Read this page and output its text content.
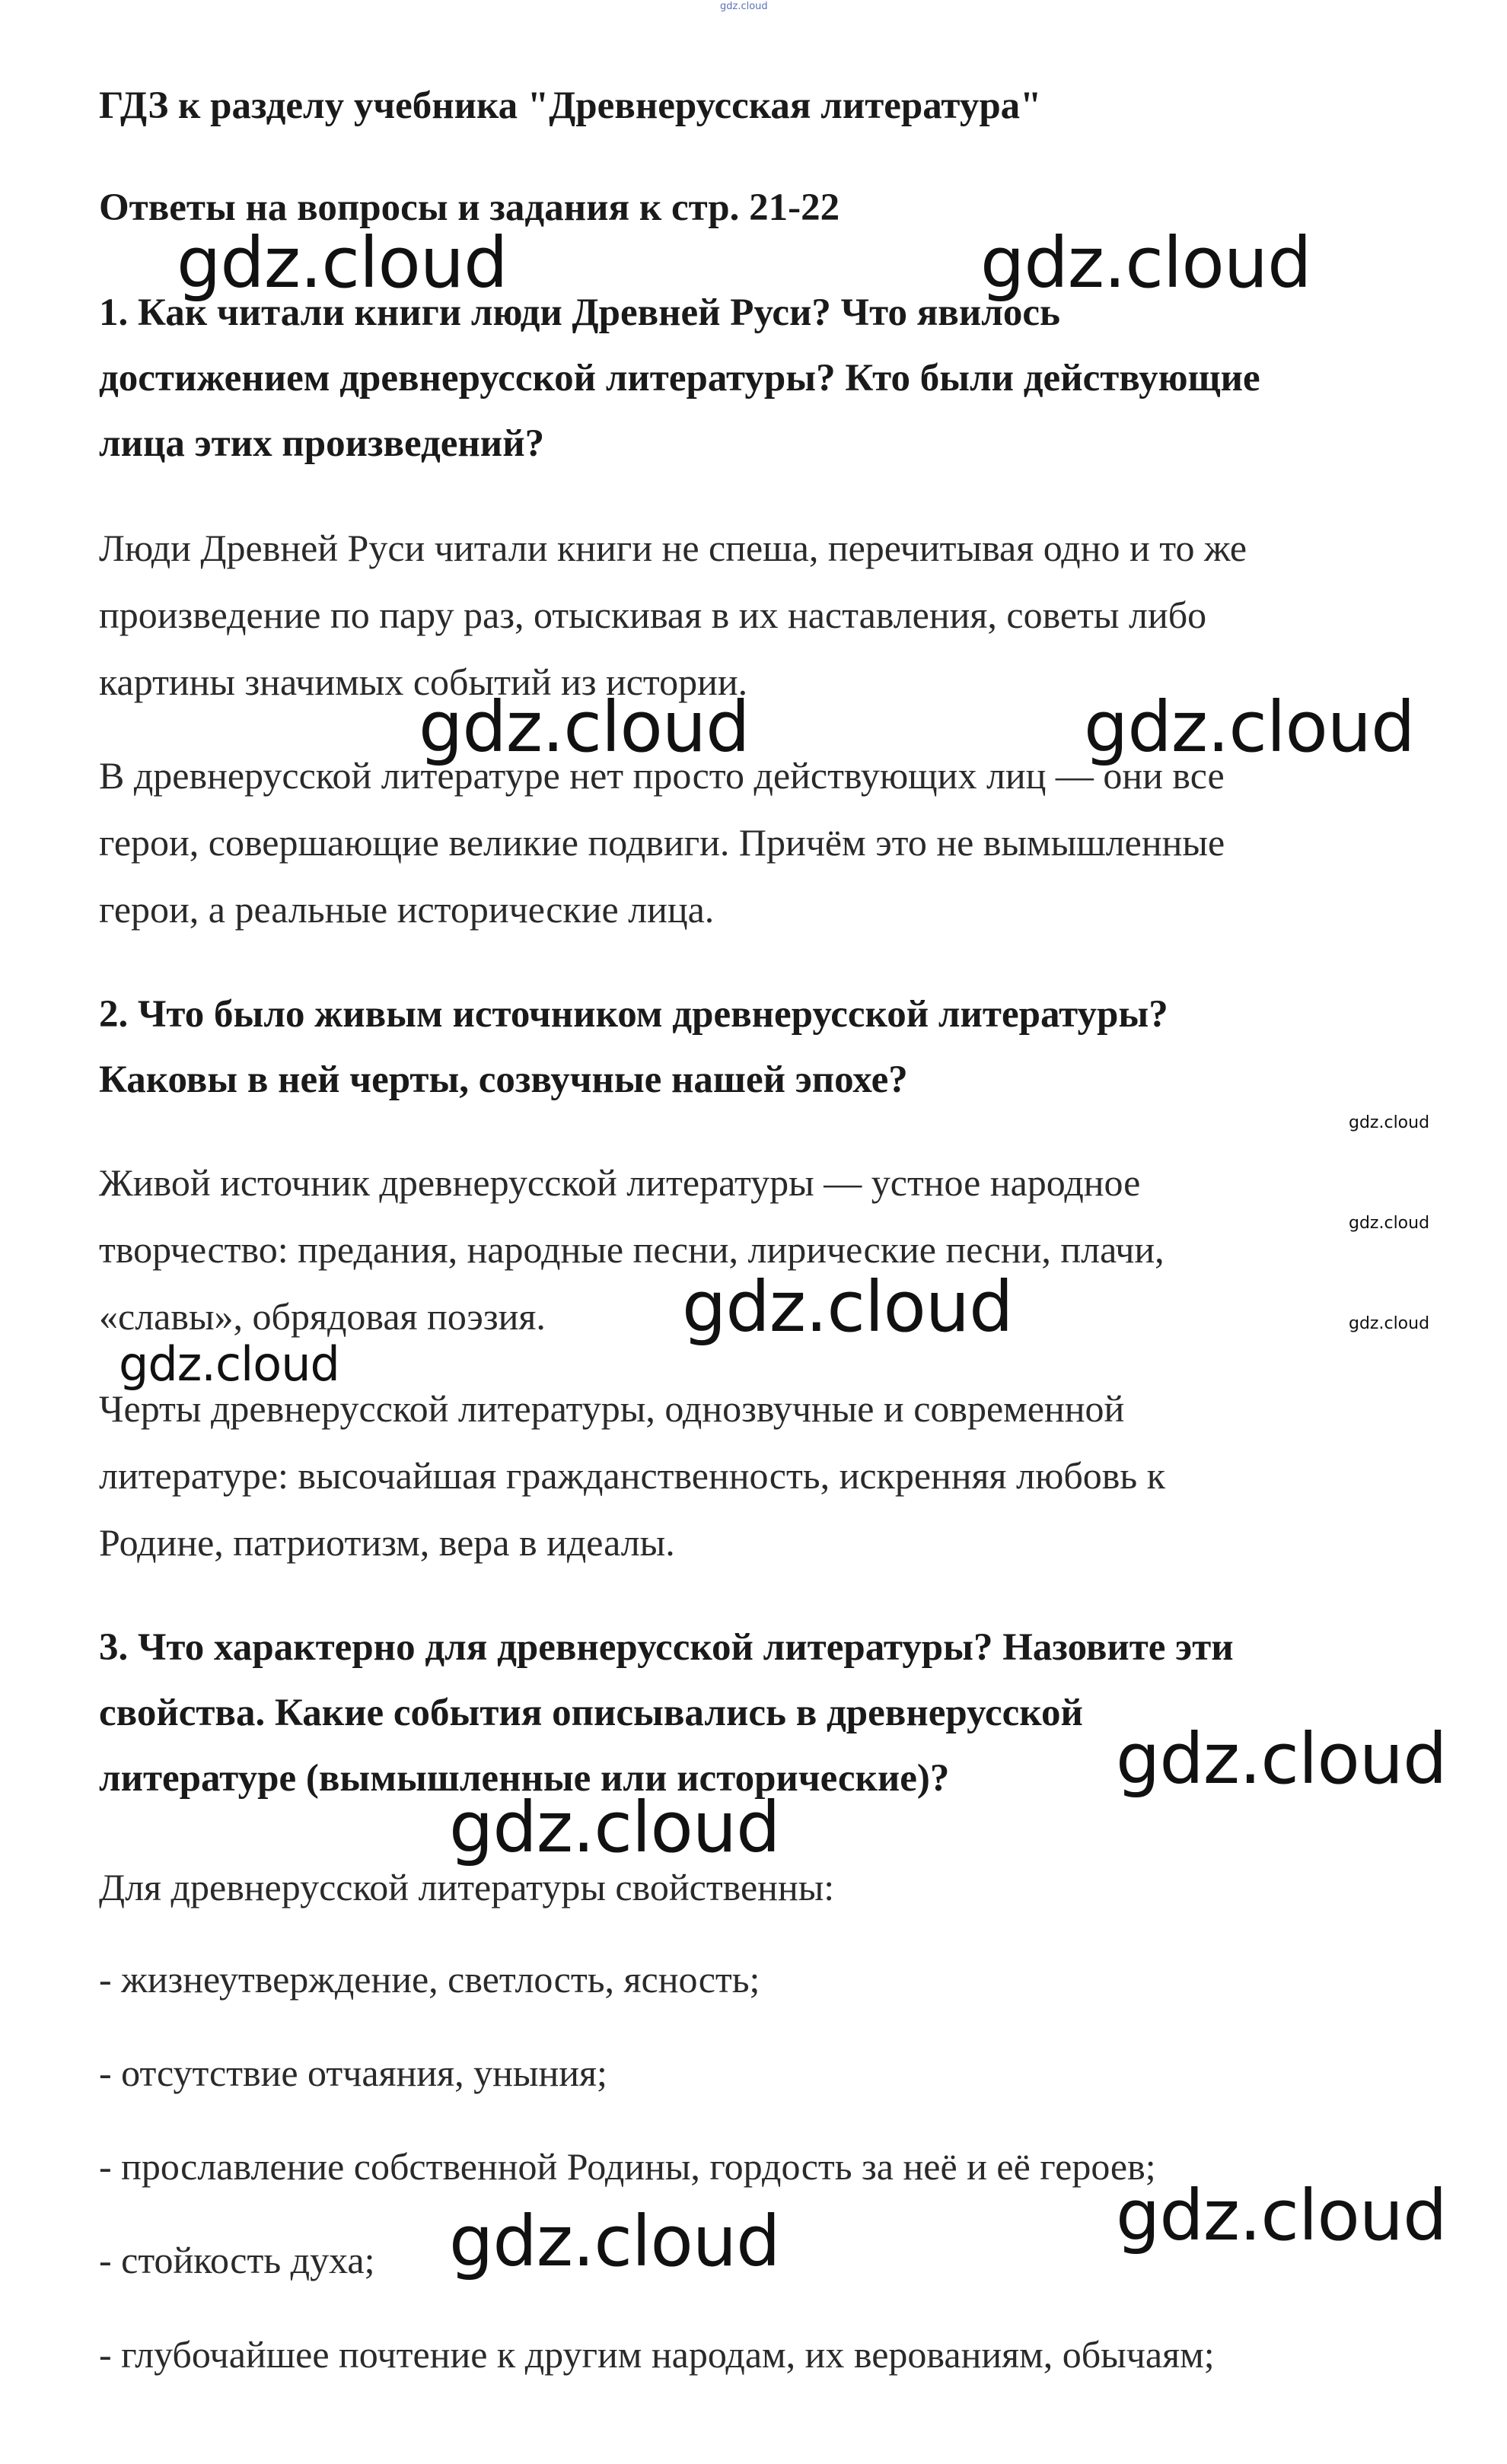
gdz.cloud
ГДЗ к разделу учебника "Древнерусская литература"
Ответы на вопросы и задания к стр. 21-22
1. Как читали книги люди Древней Руси? Что явилось
достижением древнерусской литературы? Кто были действующие
лица этих произведений?
Люди Древней Руси читали книги не спеша, перечитывая одно и то же
произведение по пару раз, отыскивая в их наставления, советы либо
картины значимых событий из истории.
В древнерусской литературе нет просто действующих лиц — они все
герои, совершающие великие подвиги. Причём это не вымышленные
герои, а реальные исторические лица.
2. Что было живым источником древнерусской литературы?
Каковы в ней черты, созвучные нашей эпохе?
Живой источник древнерусской литературы — устное народное
творчество: предания, народные песни, лирические песни, плачи,
«славы», обрядовая поэзия.
Черты древнерусской литературы, однозвучные и современной
литературе: высочайшая гражданственность, искренняя любовь к
Родине, патриотизм, вера в идеалы.
3. Что характерно для древнерусской литературы? Назовите эти
свойства. Какие события описывались в древнерусской
литературе (вымышленные или исторические)?
Для древнерусской литературы свойственны:
- жизнеутверждение, светлость, ясность;
- отсутствие отчаяния, уныния;
- прославление собственной Родины, гордость за неё и её героев;
- стойкость духа;
- глубочайшее почтение к другим народам, их верованиям, обычаям;
gdz.cloud	gdz.cloud
gdz.cloud	gdz.cloud
gdz.cloud
gdz.cloud
gdz.cloud
gdz.cloud
gdz.cloud
gdz.cloud
gdz.cloud
gdz.cloud
gdz.cloud
